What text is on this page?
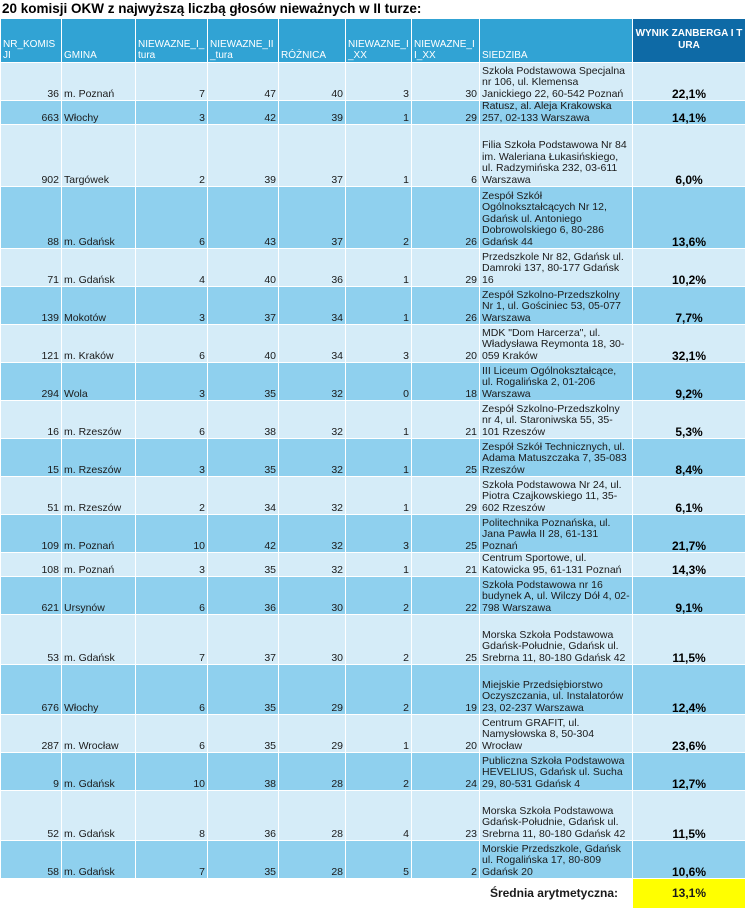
20 komisji OKW z najwyższą liczbą głosów nieważnych w II turze:
NR_KOMISJI	GMINA	NIEWAZNE_I_tura	NIEWAZNE_II_tura	RÓŻNICA	NIEWAZNE_I_XX	NIEWAZNE_II_XX	SIEDZIBA	WYNIK ZANBERGA I TURA
36	m. Poznań	7	47	40	3	30	Szkoła Podstawowa Specjalna nr 106, ul. Klemensa Janickiego 22, 60-542 Poznań	22,1%
663	Włochy	3	42	39	1	29	Ratusz, al. Aleja Krakowska 257, 02-133 Warszawa	14,1%
902	Targówek	2	39	37	1	6	Filia Szkoła Podstawowa Nr 84 im. Waleriana Łukasińskiego, ul. Radzymińska 232, 03-611 Warszawa	6,0%
88	m. Gdańsk	6	43	37	2	26	Zespół Szkół Ogólnokształcących Nr 12, Gdańsk ul. Antoniego Dobrowolskiego 6, 80-286 Gdańsk 44	13,6%
71	m. Gdańsk	4	40	36	1	29	Przedszkole Nr 82, Gdańsk ul. Damroki 137, 80-177 Gdańsk 16	10,2%
139	Mokotów	3	37	34	1	26	Zespół Szkolno-Przedszkolny Nr 1, ul. Gościniec 53, 05-077 Warszawa	7,7%
121	m. Kraków	6	40	34	3	20	MDK "Dom Harcerza", ul. Władysława Reymonta 18, 30-059 Kraków	32,1%
294	Wola	3	35	32	0	18	III Liceum Ogólnokształcące, ul. Rogalińska 2, 01-206 Warszawa	9,2%
16	m. Rzeszów	6	38	32	1	21	Zespół Szkolno-Przedszkolny nr 4, ul. Staroniwska 55, 35-101 Rzeszów	5,3%
15	m. Rzeszów	3	35	32	1	25	Zespół Szkół Technicznych, ul. Adama Matuszczaka 7, 35-083 Rzeszów	8,4%
51	m. Rzeszów	2	34	32	1	29	Szkoła Podstawowa Nr 24, ul. Piotra Czajkowskiego 11, 35-602 Rzeszów	6,1%
109	m. Poznań	10	42	32	3	25	Politechnika Poznańska, ul. Jana Pawła II 28, 61-131 Poznań	21,7%
108	m. Poznań	3	35	32	1	21	Centrum Sportowe, ul. Katowicka 95, 61-131 Poznań	14,3%
621	Ursynów	6	36	30	2	22	Szkoła Podstawowa nr 16 budynek A, ul. Wilczy Dół 4, 02-798 Warszawa	9,1%
53	m. Gdańsk	7	37	30	2	25	Morska Szkoła Podstawowa Gdańsk-Południe, Gdańsk ul. Srebrna 11, 80-180 Gdańsk 42	11,5%
676	Włochy	6	35	29	2	19	Miejskie Przedsiębiorstwo Oczyszczania, ul. Instalatorów 23, 02-237 Warszawa	12,4%
287	m. Wrocław	6	35	29	1	20	Centrum GRAFIT, ul. Namysłowska 8, 50-304 Wrocław	23,6%
9	m. Gdańsk	10	38	28	2	24	Publiczna Szkoła Podstawowa HEVELIUS, Gdańsk ul. Sucha 29, 80-531 Gdańsk 4	12,7%
52	m. Gdańsk	8	36	28	4	23	Morska Szkoła Podstawowa Gdańsk-Południe, Gdańsk ul. Srebrna 11, 80-180 Gdańsk 42	11,5%
58	m. Gdańsk	7	35	28	5	2	Morskie Przedszkole, Gdańsk ul. Rogalińska 17, 80-809 Gdańsk 20	10,6%
Średnia arytmetyczna:								13,1%
